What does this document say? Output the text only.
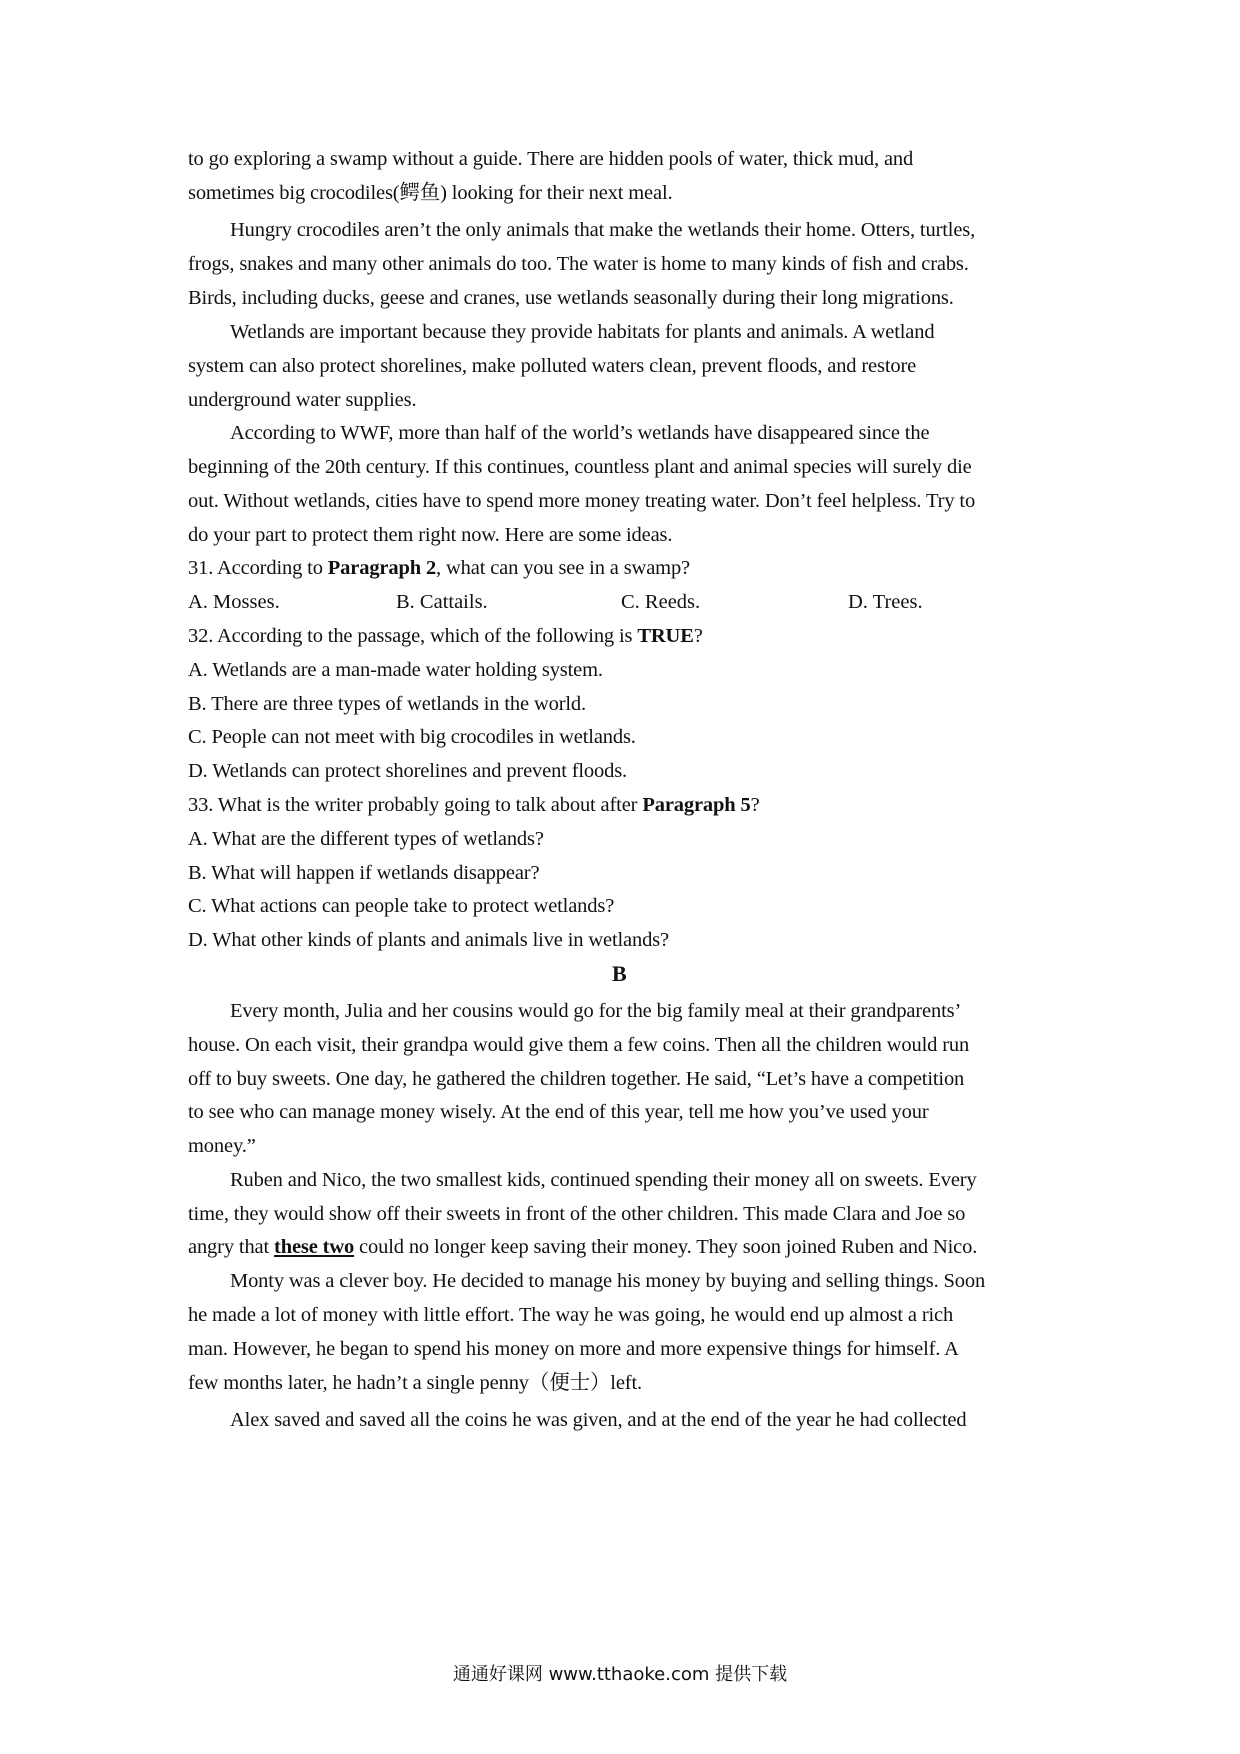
to go exploring a swamp without a guide. There are hidden pools of water, thick mud, and
sometimes big crocodiles(鳄鱼) looking for their next meal.
Hungry crocodiles aren’t the only animals that make the wetlands their home. Otters, turtles,
frogs, snakes and many other animals do too. The water is home to many kinds of fish and crabs.
Birds, including ducks, geese and cranes, use wetlands seasonally during their long migrations.
Wetlands are important because they provide habitats for plants and animals. A wetland
system can also protect shorelines, make polluted waters clean, prevent floods, and restore
underground water supplies.
According to WWF, more than half of the world’s wetlands have disappeared since the
beginning of the 20th century. If this continues, countless plant and animal species will surely die
out. Without wetlands, cities have to spend more money treating water. Don’t feel helpless. Try to
do your part to protect them right now. Here are some ideas.
31. According to Paragraph 2, what can you see in a swamp?
A. Mosses.	B. Cattails.	C. Reeds.	D. Trees.
32. According to the passage, which of the following is TRUE?
A. Wetlands are a man-made water holding system.
B. There are three types of wetlands in the world.
C. People can not meet with big crocodiles in wetlands.
D. Wetlands can protect shorelines and prevent floods.
33. What is the writer probably going to talk about after Paragraph 5?
A. What are the different types of wetlands?
B. What will happen if wetlands disappear?
C. What actions can people take to protect wetlands?
D. What other kinds of plants and animals live in wetlands?
B
Every month, Julia and her cousins would go for the big family meal at their grandparents’
house. On each visit, their grandpa would give them a few coins. Then all the children would run
off to buy sweets. One day, he gathered the children together. He said, “Let’s have a competition
to see who can manage money wisely. At the end of this year, tell me how you’ve used your
money.”
Ruben and Nico, the two smallest kids, continued spending their money all on sweets. Every
time, they would show off their sweets in front of the other children. This made Clara and Joe so
angry that these two could no longer keep saving their money. They soon joined Ruben and Nico.
Monty was a clever boy. He decided to manage his money by buying and selling things. Soon
he made a lot of money with little effort. The way he was going, he would end up almost a rich
man. However, he began to spend his money on more and more expensive things for himself. A
few months later, he hadn’t a single penny（便士）left.
Alex saved and saved all the coins he was given, and at the end of the year he had collected
通通好课网 www.tthaoke.com 提供下载
